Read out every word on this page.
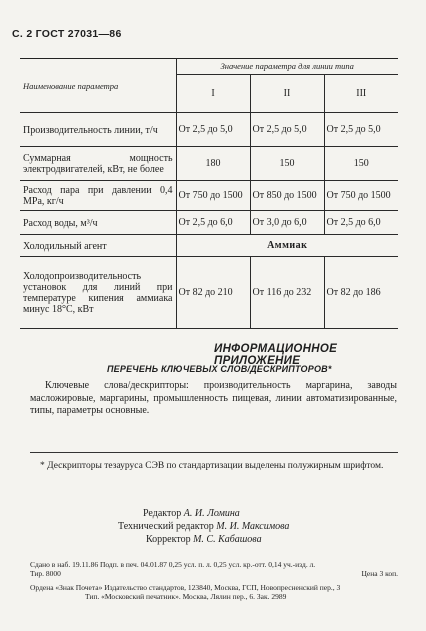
С. 2 ГОСТ 27031—86
Наименование параметра	Значение параметра для линии типа		
	I	II	III
Производительность линии, т/ч	От 2,5 до 5,0	От 2,5 до 5,0	От 2,5 до 5,0
Суммарная мощность электродвигателей, кВт, не более	180	150	150
Расход пара при давлении 0,4 МРа, кг/ч	От 750 до 1500	От 850 до 1500	От 750 до 1500
Расход воды, м³/ч	От 2,5 до 6,0	От 3,0 до 6,0	От 2,5 до 6,0
Холодильный агент	Аммиак		
Холодопроизводительность установок для линий при температуре кипения аммиака минус 18°С, кВт	От 82 до 210	От 116 до 232	От 82 до 186
ИНФОРМАЦИОННОЕ ПРИЛОЖЕНИЕ
ПЕРЕЧЕНЬ КЛЮЧЕВЫХ СЛОВ/ДЕСКРИПТОРОВ*
Ключевые слова/дескрипторы: производительность маргарина, заводы масложировые, маргарины, промышленность пищевая, линии автоматизированные, типы, параметры основные.
* Дескрипторы тезауруса СЭВ по стандартизации выделены полужирным шрифтом.
Редактор А. И. Ломина
Технический редактор М. И. Максимова
Корректор М. С. Кабашова
Сдано в наб. 19.11.86 Подп. в печ. 04.01.87 0,25 усл. п. л. 0,25 усл. кр.-отт. 0,14 уч.-изд. л.
Тир. 8000	Цена 3 коп.
Ордена «Знак Почета» Издательство стандартов, 123840, Москва, ГСП, Новопресненский пер., 3
Тип. «Московский печатник». Москва, Лялин пер., 6. Зак. 2989
